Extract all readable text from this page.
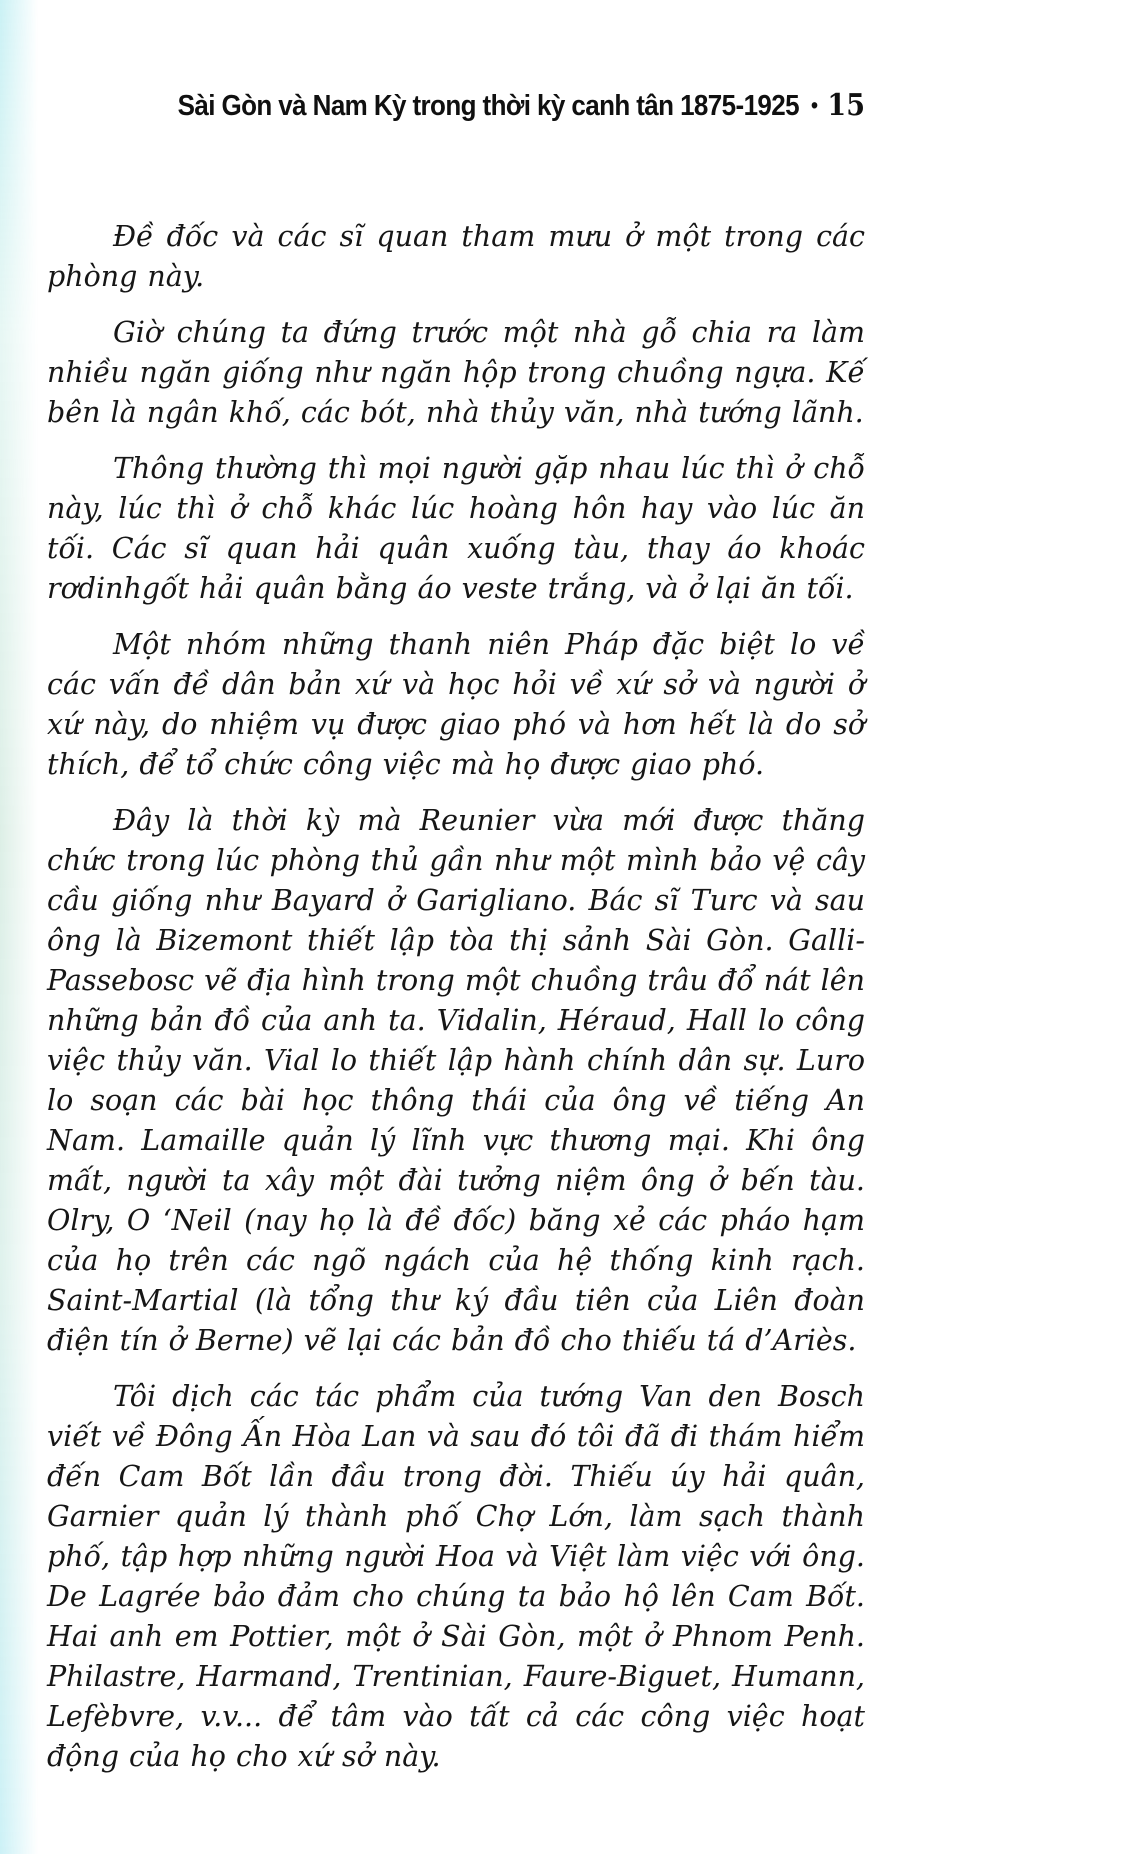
Sài Gòn và Nam Kỳ trong thời kỳ canh tân 1875-1925 • 15

Đề đốc và các sĩ quan tham mưu ở một trong các phòng này.

Giờ chúng ta đứng trước một nhà gỗ chia ra làm nhiều ngăn giống như ngăn hộp trong chuồng ngựa. Kế bên là ngân khố, các bót, nhà thủy văn, nhà tướng lãnh.

Thông thường thì mọi người gặp nhau lúc thì ở chỗ này, lúc thì ở chỗ khác lúc hoàng hôn hay vào lúc ăn tối. Các sĩ quan hải quân xuống tàu, thay áo khoác rơdinhgốt hải quân bằng áo veste trắng, và ở lại ăn tối.

Một nhóm những thanh niên Pháp đặc biệt lo về các vấn đề dân bản xứ và học hỏi về xứ sở và người ở xứ này, do nhiệm vụ được giao phó và hơn hết là do sở thích, để tổ chức công việc mà họ được giao phó.

Đây là thời kỳ mà Reunier vừa mới được thăng chức trong lúc phòng thủ gần như một mình bảo vệ cây cầu giống như Bayard ở Garigliano. Bác sĩ Turc và sau ông là Bizemont thiết lập tòa thị sảnh Sài Gòn. Galli-Passebosc vẽ địa hình trong một chuồng trâu đổ nát lên những bản đồ của anh ta. Vidalin, Héraud, Hall lo công việc thủy văn. Vial lo thiết lập hành chính dân sự. Luro lo soạn các bài học thông thái của ông về tiếng An Nam. Lamaille quản lý lĩnh vực thương mại. Khi ông mất, người ta xây một đài tưởng niệm ông ở bến tàu. Olry, O ‘Neil (nay họ là đề đốc) băng xẻ các pháo hạm của họ trên các ngõ ngách của hệ thống kinh rạch. Saint-Martial (là tổng thư ký đầu tiên của Liên đoàn điện tín ở Berne) vẽ lại các bản đồ cho thiếu tá d’Ariès.

Tôi dịch các tác phẩm của tướng Van den Bosch viết về Đông Ấn Hòa Lan và sau đó tôi đã đi thám hiểm đến Cam Bốt lần đầu trong đời. Thiếu úy hải quân, Garnier quản lý thành phố Chợ Lớn, làm sạch thành phố, tập hợp những người Hoa và Việt làm việc với ông. De Lagrée bảo đảm cho chúng ta bảo hộ lên Cam Bốt. Hai anh em Pottier, một ở Sài Gòn, một ở Phnom Penh. Philastre, Harmand, Trentinian, Faure-Biguet, Humann, Lefèbvre, v.v... để tâm vào tất cả các công việc hoạt động của họ cho xứ sở này.
